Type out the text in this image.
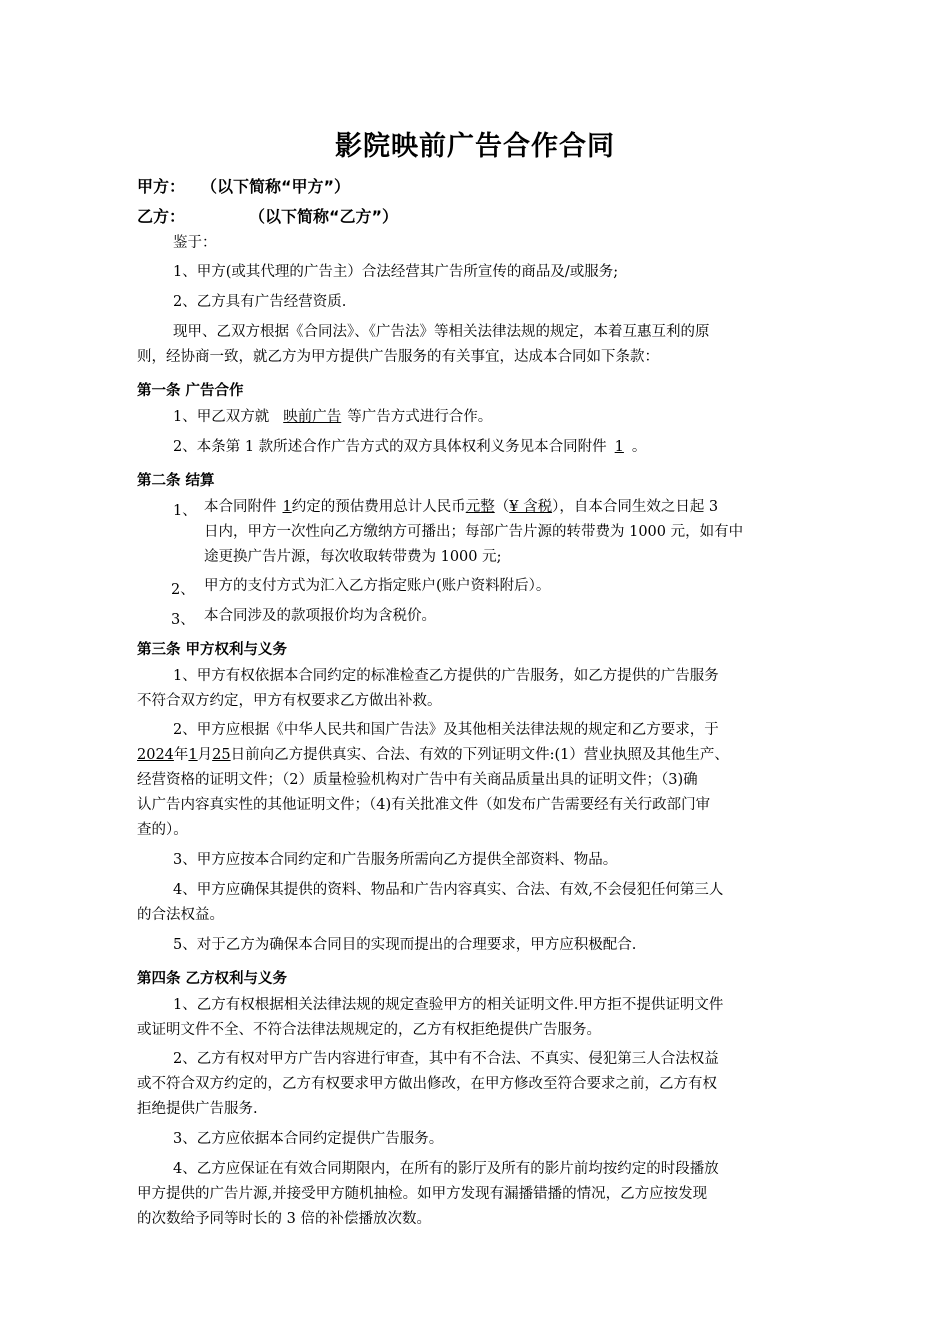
影院映前广告合作合同
甲方： （以下简称“甲方”）
乙方：	（以下简称“乙方”）
鉴于：
1、甲方(或其代理的广告主）合法经营其广告所宣传的商品及/或服务;
2、乙方具有广告经营资质.
现甲、乙双方根据《合同法》、《广告法》等相关法律法规的规定，本着互惠互利的原
则，经协商一致，就乙方为甲方提供广告服务的有关事宜，达成本合同如下条款：
第一条 广告合作
1、甲乙双方就 映前广告 等广告方式进行合作。
2、本条第 1 款所述合作广告方式的双方具体权利义务见本合同附件 1 。
第二条 结算
1、 本合同附件 1约定的预估费用总计人民币元整（¥ 含税），自本合同生效之日起 3
日内，甲方一次性向乙方缴纳方可播出；每部广告片源的转带费为 1000 元，如有中
途更换广告片源，每次收取转带费为 1000 元;
2、 甲方的支付方式为汇入乙方指定账户(账户资料附后）。
3、 本合同涉及的款项报价均为含税价。
第三条 甲方权利与义务
1、甲方有权依据本合同约定的标准检查乙方提供的广告服务，如乙方提供的广告服务
不符合双方约定，甲方有权要求乙方做出补救。
2、甲方应根据《中华人民共和国广告法》及其他相关法律法规的规定和乙方要求，于
2024年1月25日前向乙方提供真实、合法、有效的下列证明文件:(1）营业执照及其他生产、
经营资格的证明文件；（2）质量检验机构对广告中有关商品质量出具的证明文件；（3)确
认广告内容真实性的其他证明文件；（4)有关批准文件（如发布广告需要经有关行政部门审
查的）。
3、甲方应按本合同约定和广告服务所需向乙方提供全部资料、物品。
4、甲方应确保其提供的资料、物品和广告内容真实、合法、有效,不会侵犯任何第三人
的合法权益。
5、对于乙方为确保本合同目的实现而提出的合理要求，甲方应积极配合.
第四条 乙方权利与义务
1、乙方有权根据相关法律法规的规定查验甲方的相关证明文件.甲方拒不提供证明文件
或证明文件不全、不符合法律法规规定的，乙方有权拒绝提供广告服务。
2、乙方有权对甲方广告内容进行审查，其中有不合法、不真实、侵犯第三人合法权益
或不符合双方约定的，乙方有权要求甲方做出修改，在甲方修改至符合要求之前，乙方有权
拒绝提供广告服务.
3、乙方应依据本合同约定提供广告服务。
4、乙方应保证在有效合同期限内，在所有的影厅及所有的影片前均按约定的时段播放
甲方提供的广告片源,并接受甲方随机抽检。如甲方发现有漏播错播的情况，乙方应按发现
的次数给予同等时长的 3 倍的补偿播放次数。
